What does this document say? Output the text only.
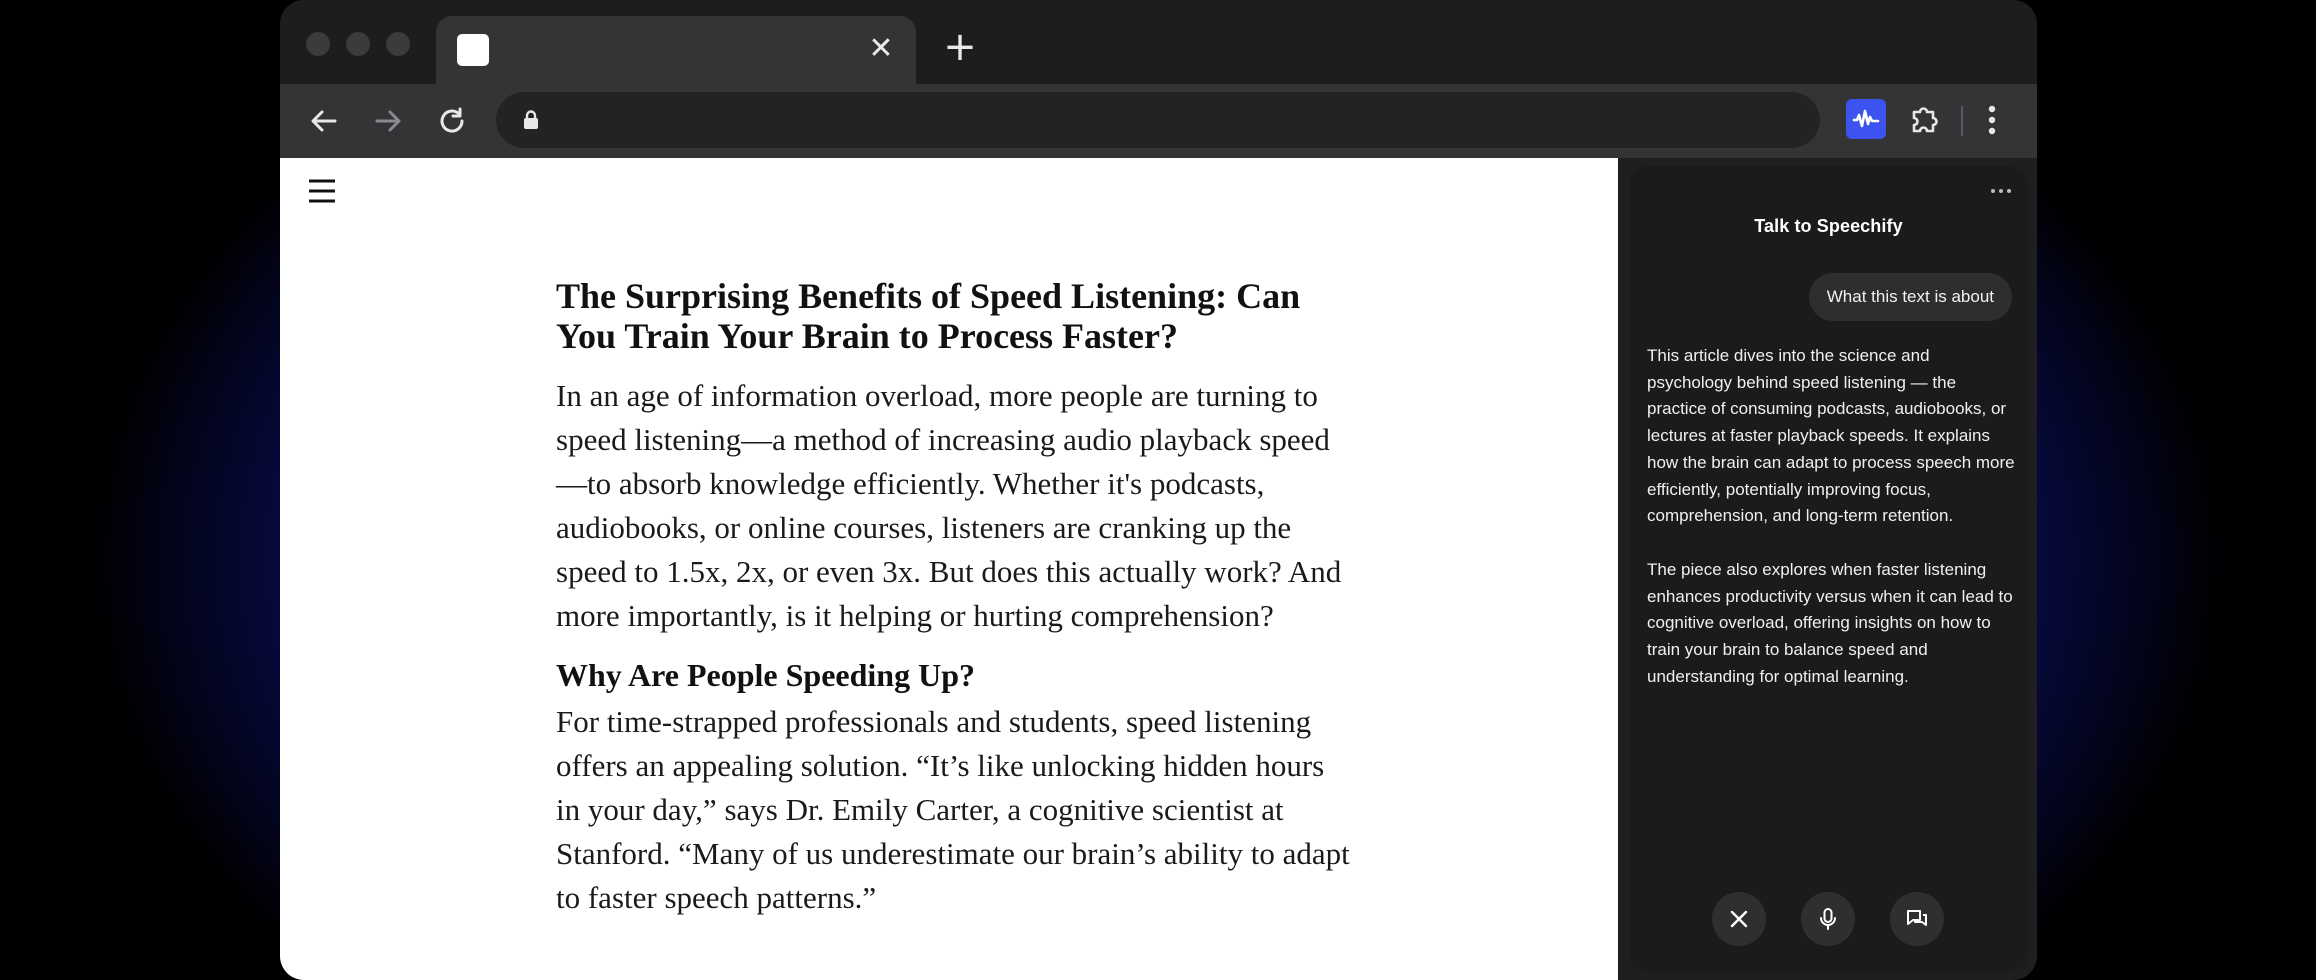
✕ +
The Surprising Benefits of Speed Listening: Can You Train Your Brain to Process Faster?

In an age of information overload, more people are turning to speed listening—a method of increasing audio playback speed —to absorb knowledge efficiently. Whether it's podcasts, audiobooks, or online courses, listeners are cranking up the speed to 1.5x, 2x, or even 3x. But does this actually work? And more importantly, is it helping or hurting comprehension?

Why Are People Speeding Up?

For time-strapped professionals and students, speed listening offers an appealing solution. “It’s like unlocking hidden hours in your day,” says Dr. Emily Carter, a cognitive scientist at Stanford. “Many of us underestimate our brain’s ability to adapt to faster speech patterns.”

Talk to Speechify
What this text is about

This article dives into the science and psychology behind speed listening — the practice of consuming podcasts, audiobooks, or lectures at faster playback speeds. It explains how the brain can adapt to process speech more efficiently, potentially improving focus, comprehension, and long-term retention.

The piece also explores when faster listening enhances productivity versus when it can lead to cognitive overload, offering insights on how to train your brain to balance speed and understanding for optimal learning.
